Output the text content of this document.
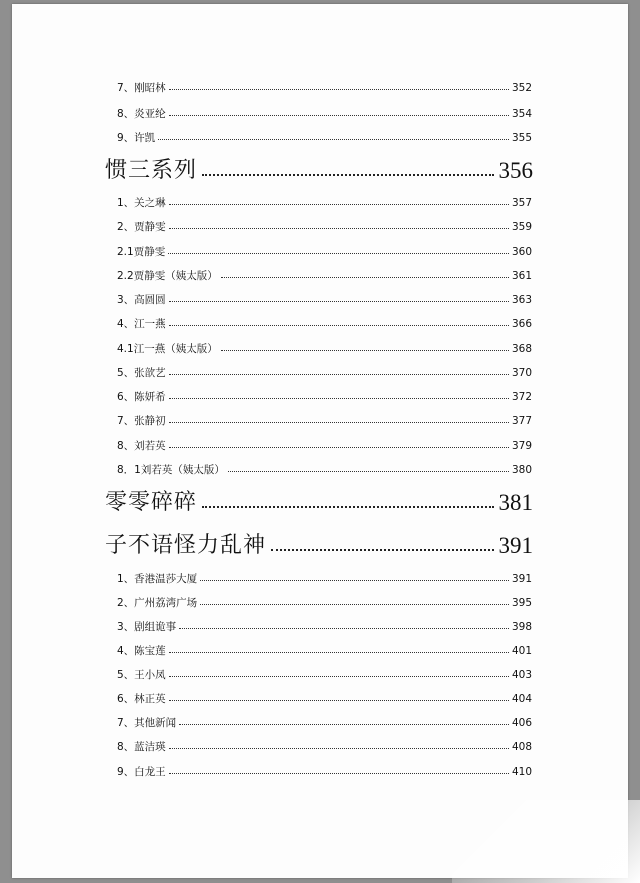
7、刚昭林	352
8、炎亚纶	354
9、许凯	355
惯三系列	356
1、关之琳	357
2、贾静雯	359
2.1贾静雯	360
2.2贾静雯（姨太版）	361
3、高圆圆	363
4、江一燕	366
4.1江一燕（姨太版）	368
5、张歆艺	370
6、陈妍希	372
7、张静初	377
8、刘若英	379
8．1刘若英（姨太版）	380
零零碎碎	381
子不语怪力乱神	391
1、香港温莎大厦	391
2、广州荔湾广场	395
3、剧组诡事	398
4、陈宝莲	401
5、王小凤	403
6、林正英	404
7、其他新闻	406
8、蓝洁瑛	408
9、白龙王	410
